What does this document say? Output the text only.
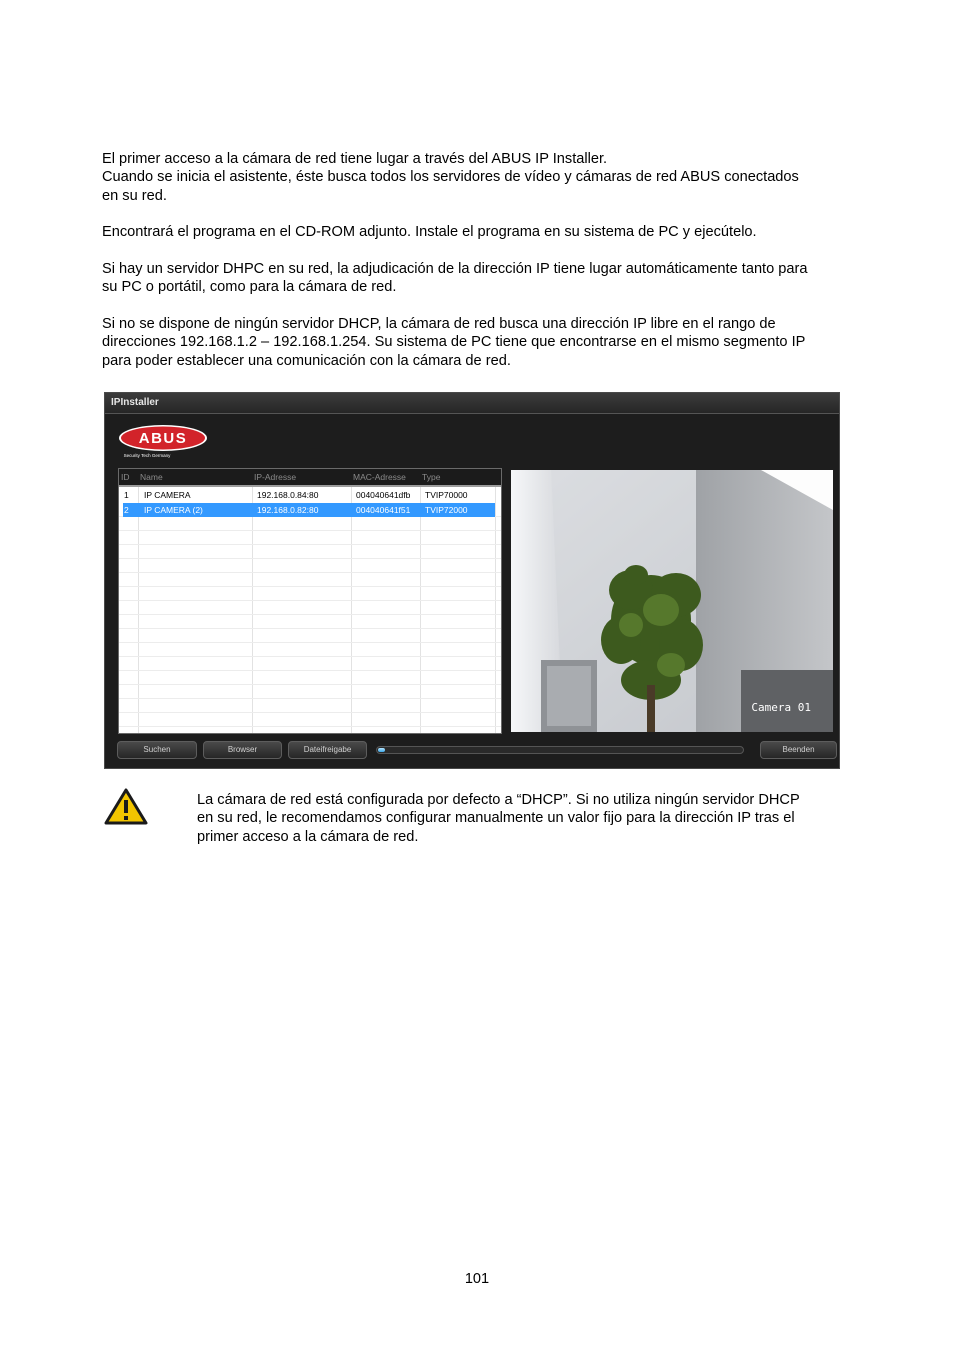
El primer acceso a la cámara de red tiene lugar a través del ABUS IP Installer.
Cuando se inicia el asistente, éste busca todos los servidores de vídeo y cámaras de red ABUS conectados
en su red.
Encontrará el programa en el CD-ROM adjunto. Instale el programa en su sistema de PC y ejecútelo.
Si hay un servidor DHPC en su red, la adjudicación de la dirección IP tiene lugar automáticamente tanto para
su PC o portátil, como para la cámara de red.
Si no se dispone de ningún servidor DHCP, la cámara de red busca una dirección IP libre en el rango de
direcciones 192.168.1.2 – 192.168.1.254. Su sistema de PC tiene que encontrarse en el mismo segmento IP
para poder establecer una comunicación con la cámara de red.
IPInstaller
ABUS
Security Tech Germany
ID Name	IP-Adresse	MAC-Adresse Type
1 IP CAMERA	192.168.0.84:80	004040641dfb TVIP70000
2 IP CAMERA (2)	192.168.0.82:80	004040641f51 TVIP72000
Camera 01
Suchen	Browser	Dateifreigabe	Beenden
La cámara de red está configurada por defecto a “DHCP”. Si no utiliza ningún servidor DHCP
en su red, le recomendamos configurar manualmente un valor fijo para la dirección IP tras el
primer acceso a la cámara de red.
101
